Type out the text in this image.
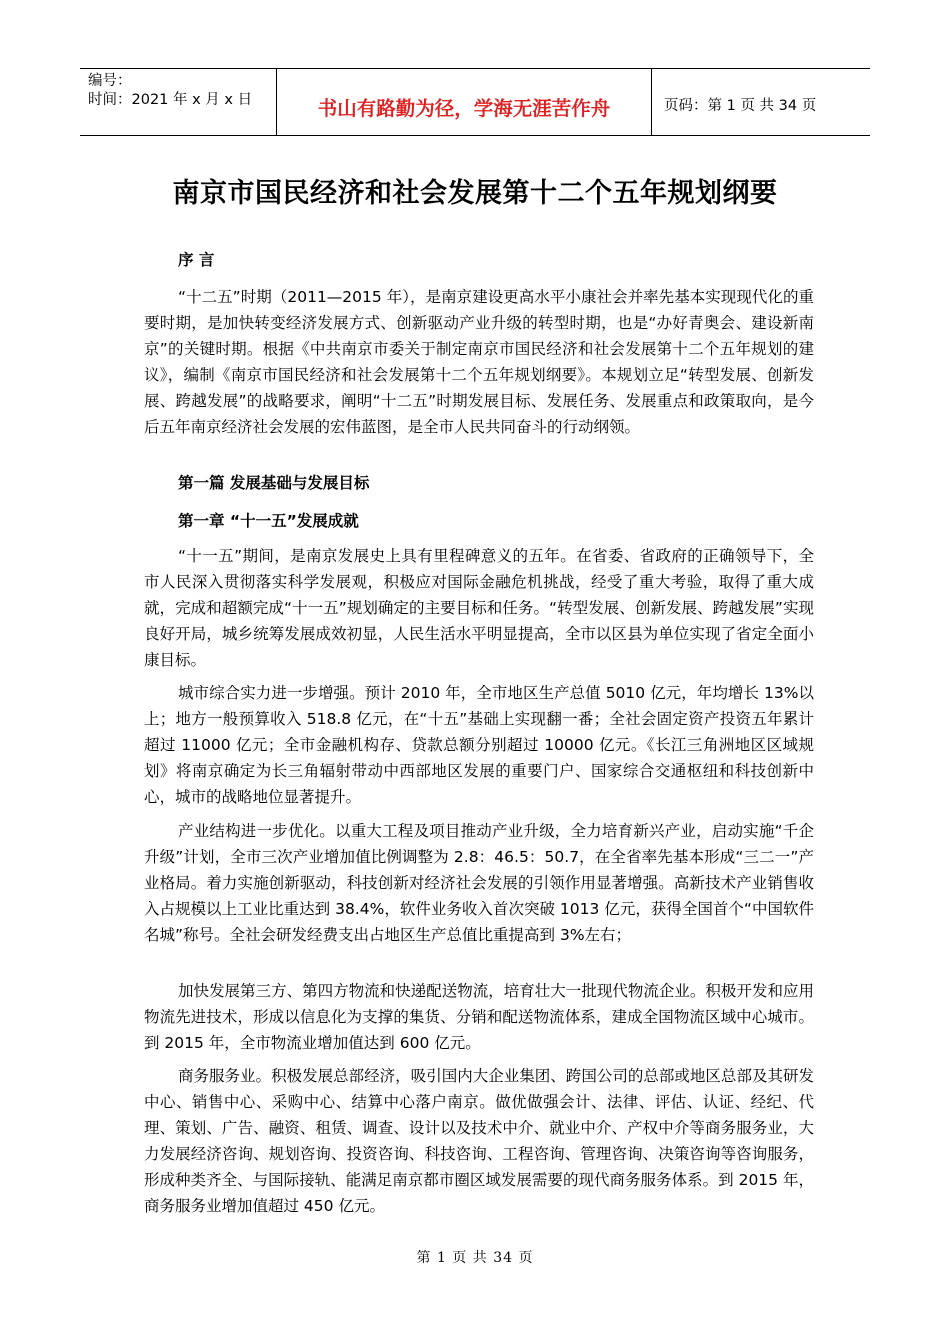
编号：
时间：2021 年 x 月 x 日	书山有路勤为径，学海无涯苦作舟	页码：第 1 页 共 34 页
南京市国民经济和社会发展第十二个五年规划纲要
序 言
“十二五”时期（2011—2015 年），是南京建设更高水平小康社会并率先基本实现现代化的重要时期，是加快转变经济发展方式、创新驱动产业升级的转型时期，也是“办好青奥会、建设新南京”的关键时期。根据《中共南京市委关于制定南京市国民经济和社会发展第十二个五年规划的建议》，编制《南京市国民经济和社会发展第十二个五年规划纲要》。本规划立足“转型发展、创新发展、跨越发展”的战略要求，阐明“十二五”时期发展目标、发展任务、发展重点和政策取向，是今后五年南京经济社会发展的宏伟蓝图，是全市人民共同奋斗的行动纲领。
第一篇 发展基础与发展目标
第一章 “十一五”发展成就
“十一五”期间，是南京发展史上具有里程碑意义的五年。在省委、省政府的正确领导下，全市人民深入贯彻落实科学发展观，积极应对国际金融危机挑战，经受了重大考验，取得了重大成就，完成和超额完成“十一五”规划确定的主要目标和任务。“转型发展、创新发展、跨越发展”实现良好开局，城乡统筹发展成效初显，人民生活水平明显提高，全市以区县为单位实现了省定全面小康目标。
城市综合实力进一步增强。预计 2010 年，全市地区生产总值 5010 亿元，年均增长 13%以上；地方一般预算收入 518.8 亿元，在“十五”基础上实现翻一番；全社会固定资产投资五年累计超过 11000 亿元；全市金融机构存、贷款总额分别超过 10000 亿元。《长江三角洲地区区域规划》将南京确定为长三角辐射带动中西部地区发展的重要门户、国家综合交通枢纽和科技创新中心，城市的战略地位显著提升。
产业结构进一步优化。以重大工程及项目推动产业升级，全力培育新兴产业，启动实施“千企升级”计划，全市三次产业增加值比例调整为 2.8：46.5：50.7，在全省率先基本形成“三二一”产业格局。着力实施创新驱动，科技创新对经济社会发展的引领作用显著增强。高新技术产业销售收入占规模以上工业比重达到 38.4%，软件业务收入首次突破 1013 亿元，获得全国首个“中国软件名城”称号。全社会研发经费支出占地区生产总值比重提高到 3%左右；
加快发展第三方、第四方物流和快递配送物流，培育壮大一批现代物流企业。积极开发和应用物流先进技术，形成以信息化为支撑的集货、分销和配送物流体系，建成全国物流区域中心城市。到 2015 年，全市物流业增加值达到 600 亿元。
商务服务业。积极发展总部经济，吸引国内大企业集团、跨国公司的总部或地区总部及其研发中心、销售中心、采购中心、结算中心落户南京。做优做强会计、法律、评估、认证、经纪、代理、策划、广告、融资、租赁、调查、设计以及技术中介、就业中介、产权中介等商务服务业，大力发展经济咨询、规划咨询、投资咨询、科技咨询、工程咨询、管理咨询、决策咨询等咨询服务，形成种类齐全、与国际接轨、能满足南京都市圈区域发展需要的现代商务服务体系。到 2015 年，商务服务业增加值超过 450 亿元。
第 1 页 共 34 页
